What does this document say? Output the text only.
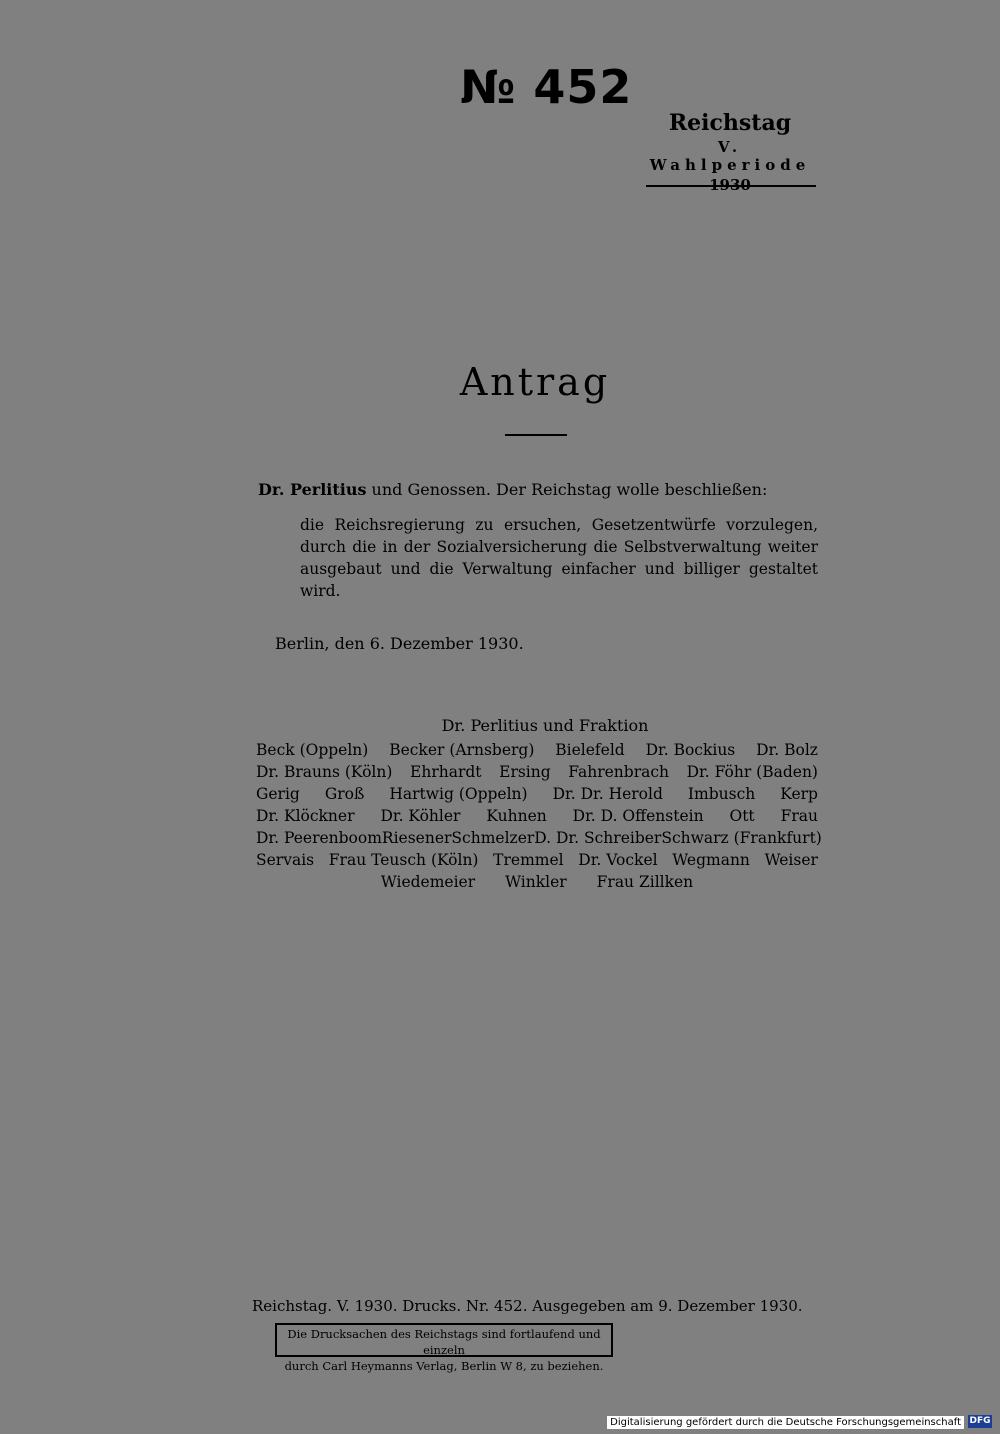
№ 452
Reichstag
V. Wahlperiode
1930
Antrag
Dr. Perlitius und Genossen. Der Reichstag wolle beschließen:
die Reichsregierung zu ersuchen, Gesetzentwürfe vorzulegen, durch die in der Sozialversicherung die Selbstverwaltung weiter ausgebaut und die Verwaltung einfacher und billiger gestaltet wird.
Berlin, den 6. Dezember 1930.
Dr. Perlitius und Fraktion
Beck (Oppeln) Becker (Arnsberg) Bielefeld Dr. Bockius Dr. Bolz
Dr. Brauns (Köln) Ehrhardt Ersing Fahrenbrach Dr. Föhr (Baden)
Gerig Groß Hartwig (Oppeln) Dr. Dr. Herold Imbusch Kerp
Dr. Klöckner Dr. Köhler Kuhnen Dr. D. Offenstein Ott Frau
Dr. Peerenboom Riesener Schmelzer D. Dr. Schreiber Schwarz (Frankfurt)
Servais Frau Teusch (Köln) Tremmel Dr. Vockel Wegmann Weiser
Wiedemeier Winkler Frau Zillken
Reichstag. V. 1930. Drucks. Nr. 452. Ausgegeben am 9. Dezember 1930.
Die Drucksachen des Reichstags sind fortlaufend und einzeln
durch Carl Heymanns Verlag, Berlin W 8, zu beziehen.
Digitalisierung gefördert durch die Deutsche Forschungsgemeinschaft DFG
